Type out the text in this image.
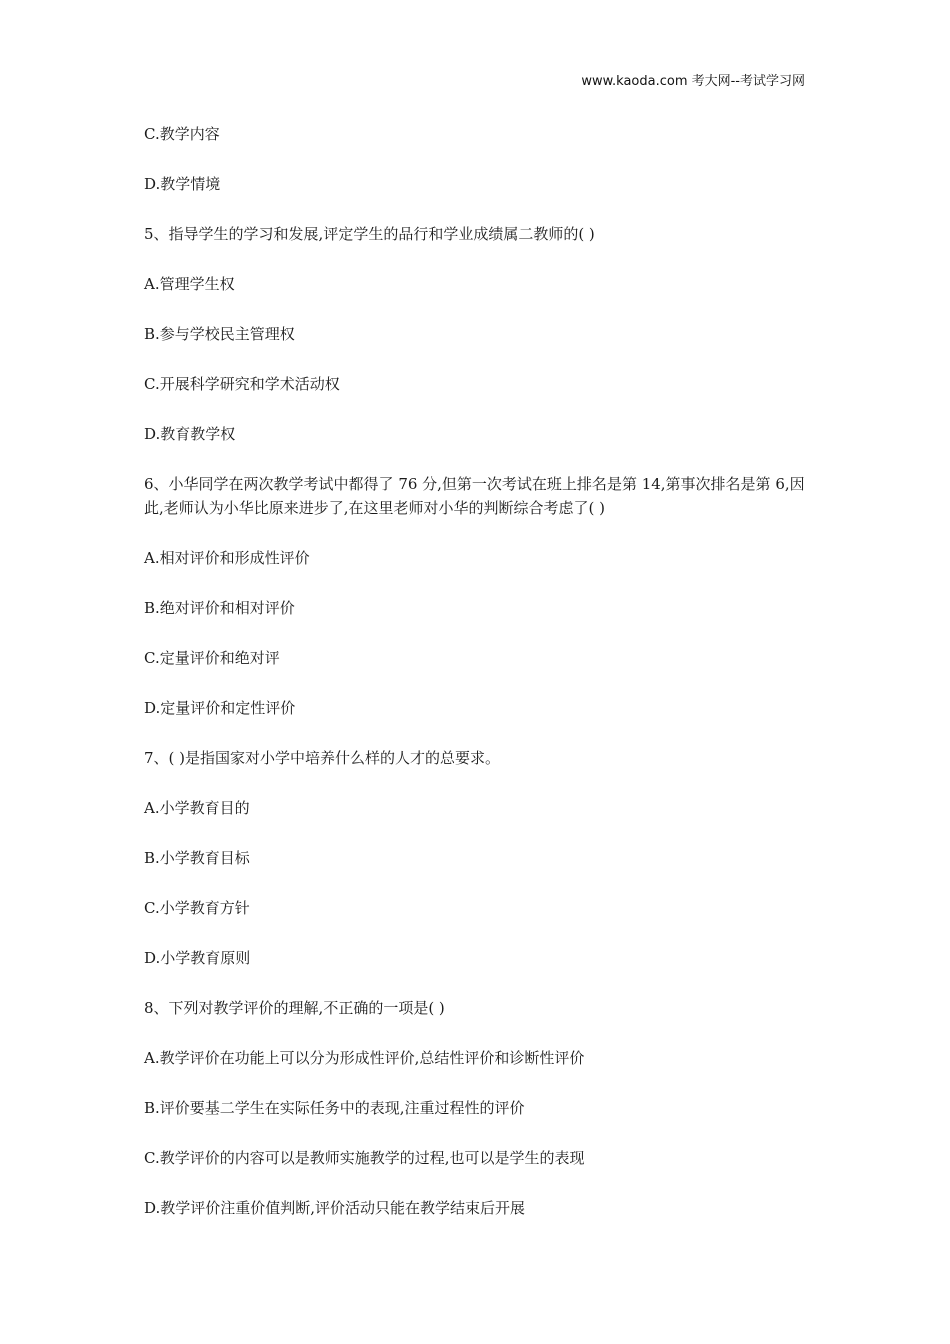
www.kaoda.com 考大网--考试学习网
C.教学内容
D.教学情境
5、指导学生的学习和发展,评定学生的品行和学业成绩属二教师的( )
A.管理学生权
B.参与学校民主管理权
C.开展科学研究和学术活动权
D.教育教学权
6、小华同学在两次教学考试中都得了 76 分,但第一次考试在班上排名是第 14,第事次排名是第 6,因此,老师认为小华比原来进步了,在这里老师对小华的判断综合考虑了( )
A.相对评价和形成性评价
B.绝对评价和相对评价
C.定量评价和绝对评
D.定量评价和定性评价
7、( )是指国家对小学中培养什么样的人才的总要求。
A.小学教育目的
B.小学教育目标
C.小学教育方针
D.小学教育原则
8、下列对教学评价的理解,不正确的一项是( )
A.教学评价在功能上可以分为形成性评价,总结性评价和诊断性评价
B.评价要基二学生在实际任务中的表现,注重过程性的评价
C.教学评价的内容可以是教师实施教学的过程,也可以是学生的表现
D.教学评价注重价值判断,评价活动只能在教学结束后开展
